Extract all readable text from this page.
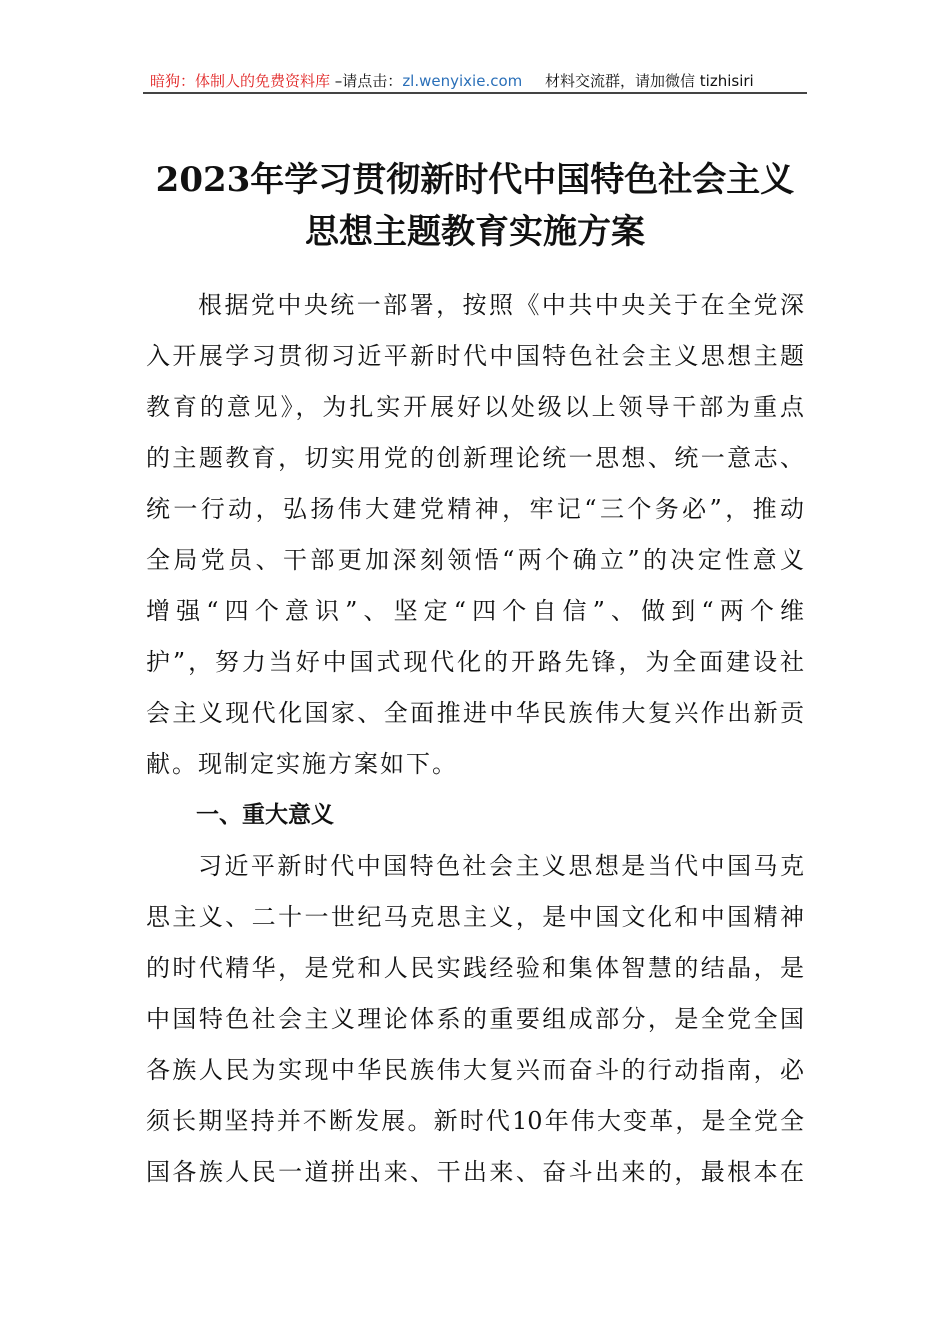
暗狗：体制人的免费资料库 –请点击：zl.wenyixie.com 材料交流群，请加微信 tizhisiri
2023年学习贯彻新时代中国特色社会主义
思想主题教育实施方案
根据党中央统一部署，按照《中共中央关于在全党深
入开展学习贯彻习近平新时代中国特色社会主义思想主题
教育的意见》，为扎实开展好以处级以上领导干部为重点
的主题教育，切实用党的创新理论统一思想、统一意志、
统一行动，弘扬伟大建党精神，牢记“三个务必”，推动
全局党员、干部更加深刻领悟“两个确立”的决定性意义
增强“四个意识”、坚定“四个自信”、做到“两个维
护”，努力当好中国式现代化的开路先锋，为全面建设社
会主义现代化国家、全面推进中华民族伟大复兴作出新贡
献。现制定实施方案如下。
一、重大意义
习近平新时代中国特色社会主义思想是当代中国马克
思主义、二十一世纪马克思主义，是中国文化和中国精神
的时代精华，是党和人民实践经验和集体智慧的结晶，是
中国特色社会主义理论体系的重要组成部分，是全党全国
各族人民为实现中华民族伟大复兴而奋斗的行动指南，必
须长期坚持并不断发展。新时代10年伟大变革，是全党全
国各族人民一道拼出来、干出来、奋斗出来的，最根本在
